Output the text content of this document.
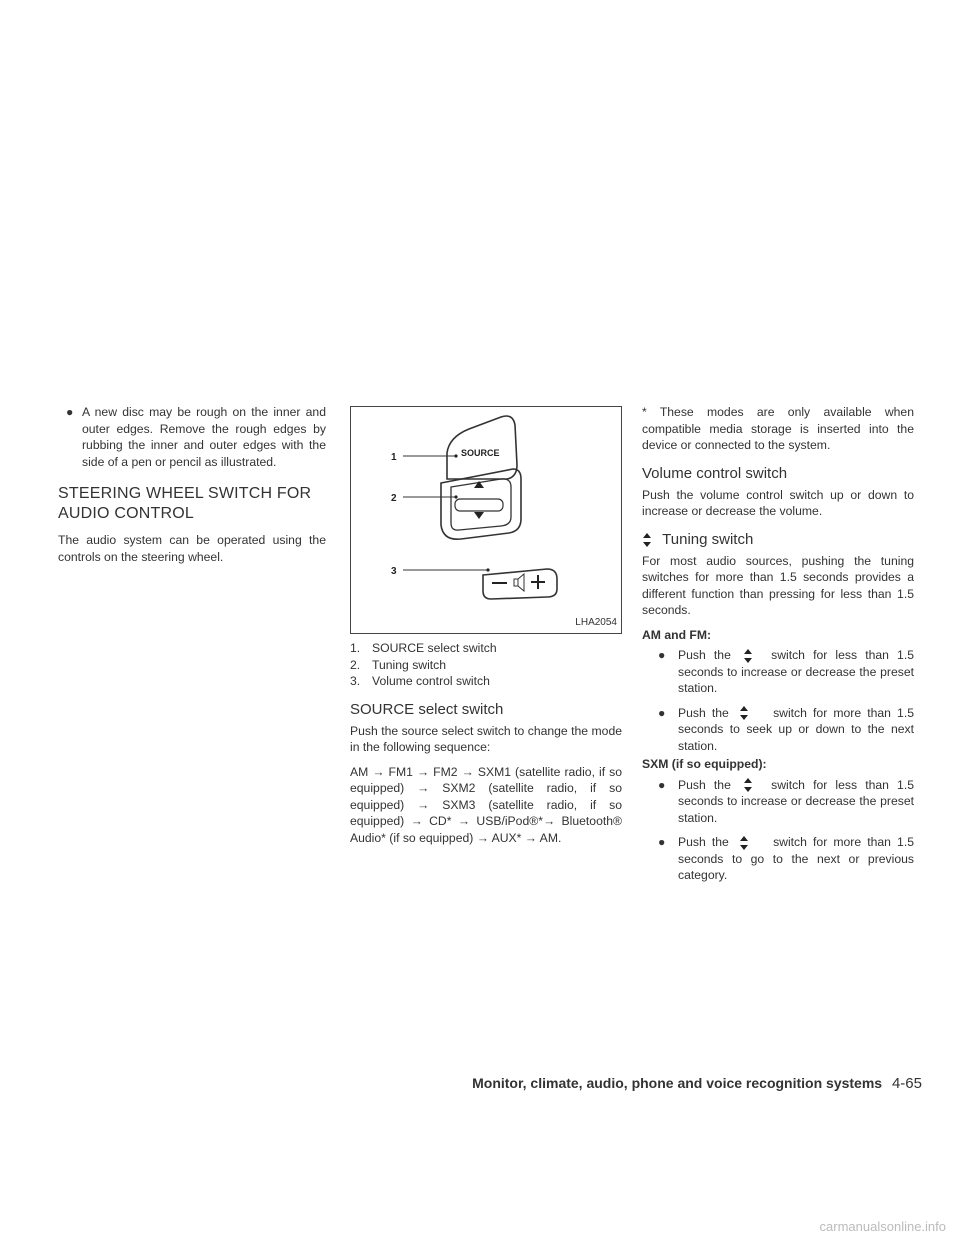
● A new disc may be rough on the inner and outer edges. Remove the rough edges by rubbing the inner and outer edges with the side of a pen or pencil as illustrated.
STEERING WHEEL SWITCH FOR AUDIO CONTROL

The audio system can be operated using the controls on the steering wheel.

SOURCE
1
2
3
LHA2054
1. SOURCE select switch
2. Tuning switch
3. Volume control switch
SOURCE select switch

Push the source select switch to change the mode in the following sequence:

AM → FM1 → FM2 → SXM1 (satellite radio, if so equipped) → SXM2 (satellite radio, if so equipped) → SXM3 (satellite radio, if so equipped) → CD* → USB/iPod®*→ Bluetooth® Audio* (if so equipped) → AUX* → AM.

* These modes are only available when compatible media storage is inserted into the device or connected to the system.

Volume control switch

Push the volume control switch up or down to increase or decrease the volume.

Tuning switch

For most audio sources, pushing the tuning switches for more than 1.5 seconds provides a different function than pressing for less than 1.5 seconds.

AM and FM:

● Push the	switch for less than 1.5 seconds to increase or decrease the preset station.
● Push the	switch for more than 1.5 seconds to seek up or down to the next station.

SXM (if so equipped):

● Push the	switch for less than 1.5 seconds to increase or decrease the preset station.
● Push the	switch for more than 1.5 seconds to go to the next or previous category.
Monitor, climate, audio, phone and voice recognition systems 4-65
carmanualsonline.info
